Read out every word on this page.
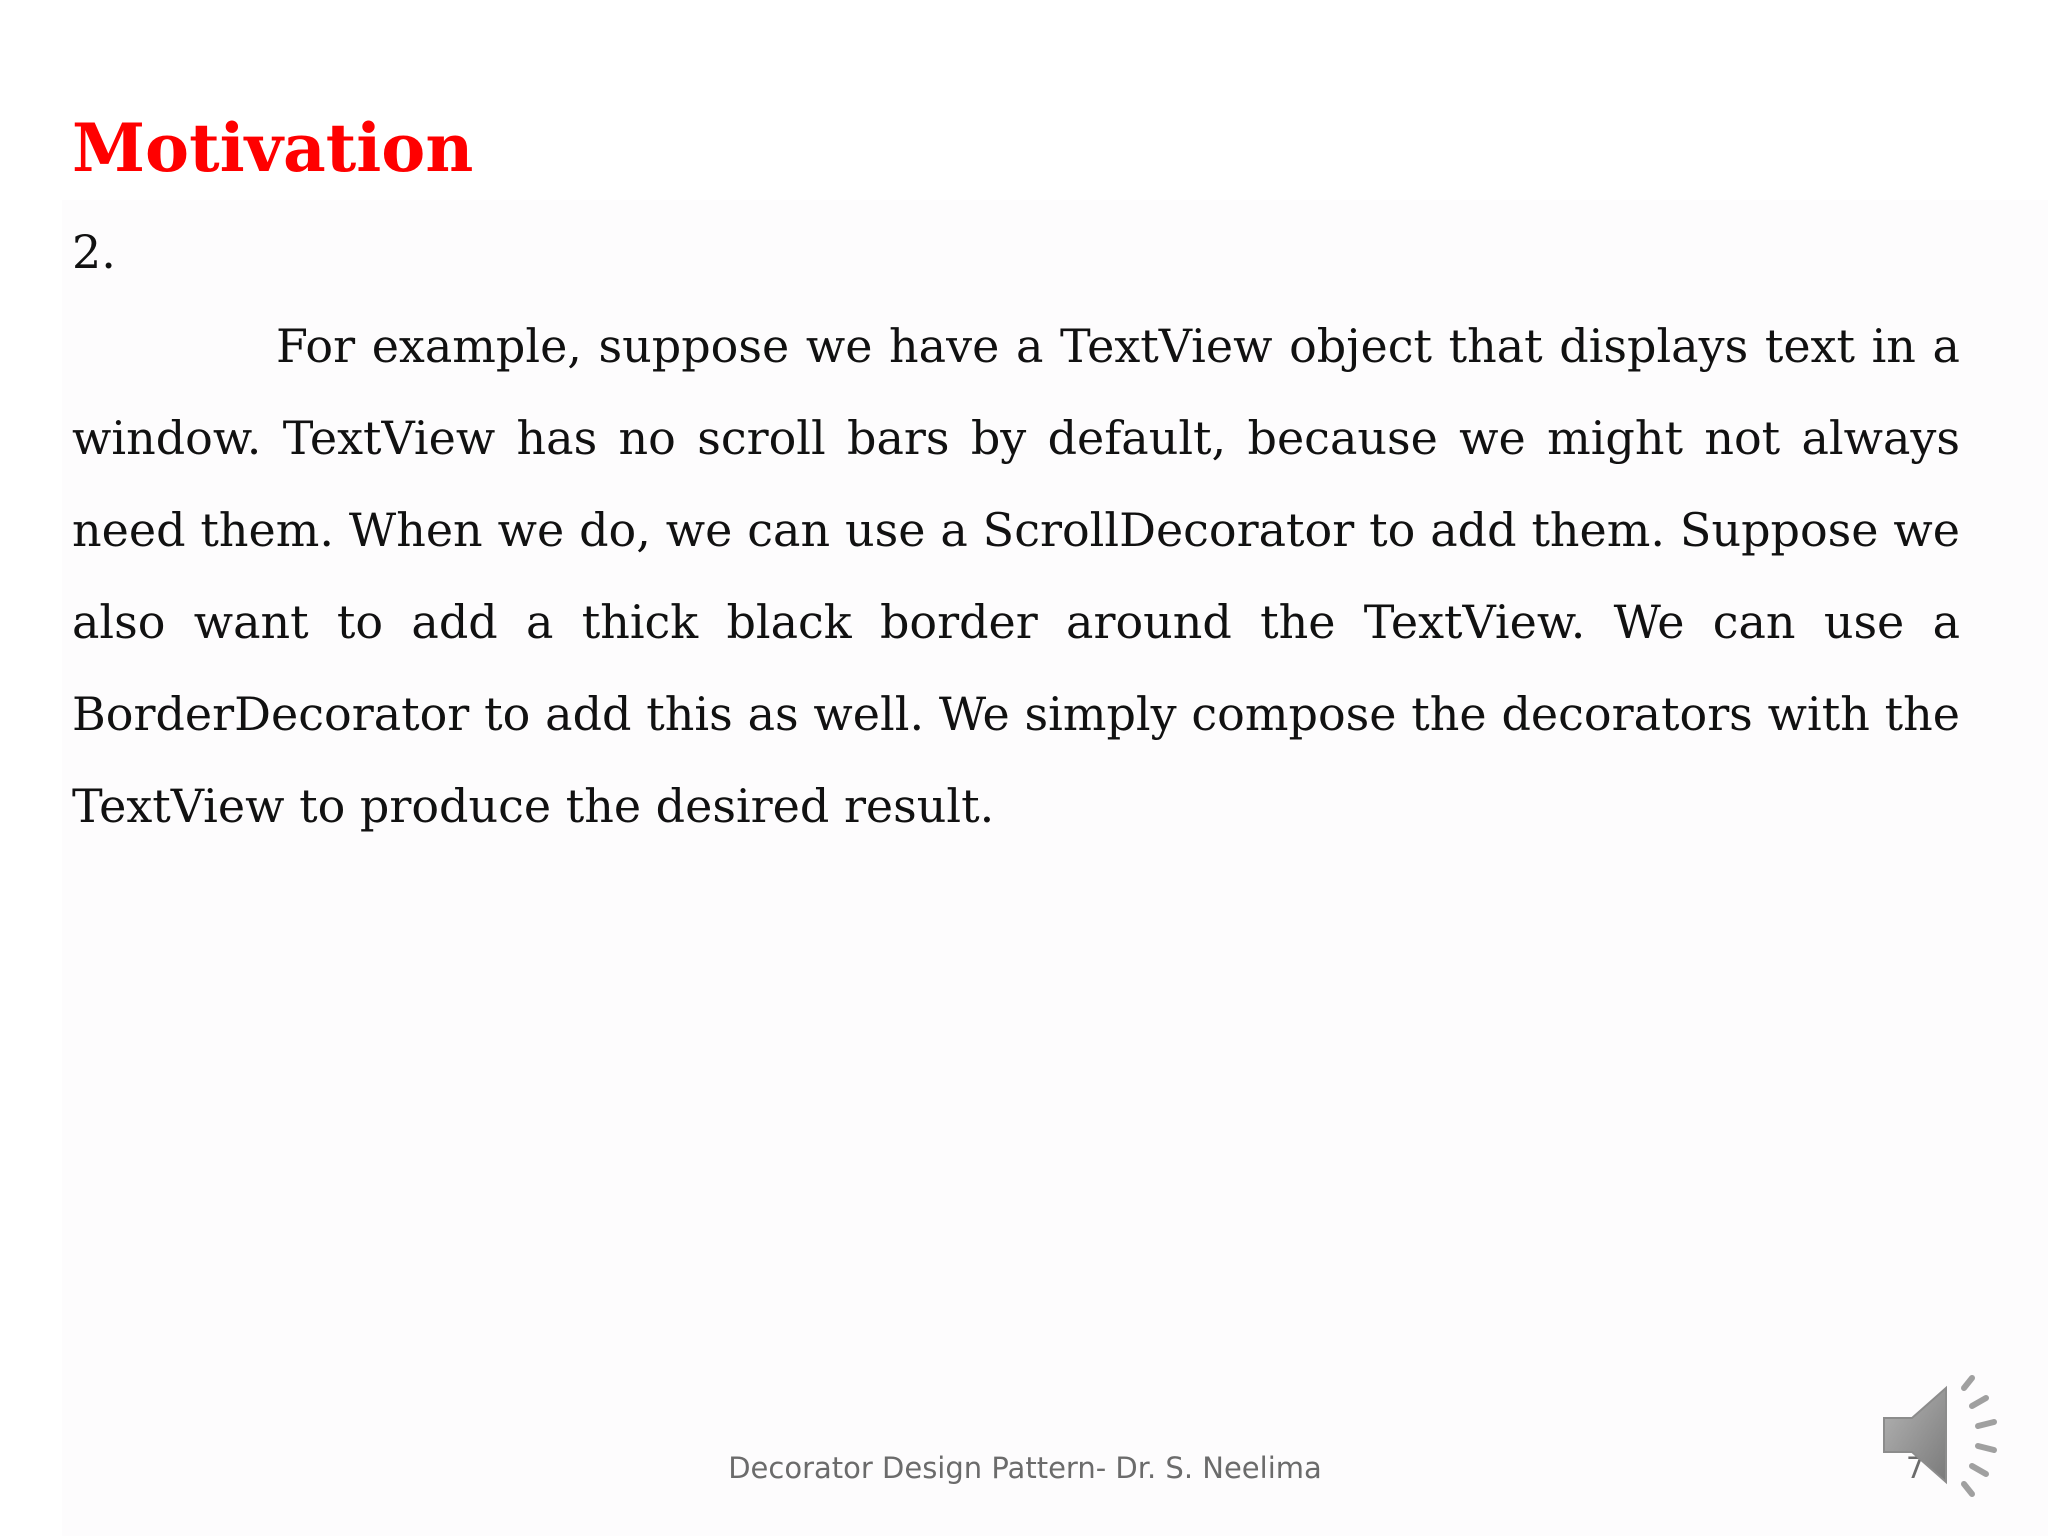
Motivation
2.

For example, suppose we have a TextView object that displays text in a window. TextView has no scroll bars by default, because we might not always need them. When we do, we can use a ScrollDecorator to add them. Suppose we also want to add a thick black border around the TextView. We can use a BorderDecorator to add this as well. We simply compose the decorators with the TextView to produce the desired result.

Decorator Design Pattern- Dr. S. Neelima	7
